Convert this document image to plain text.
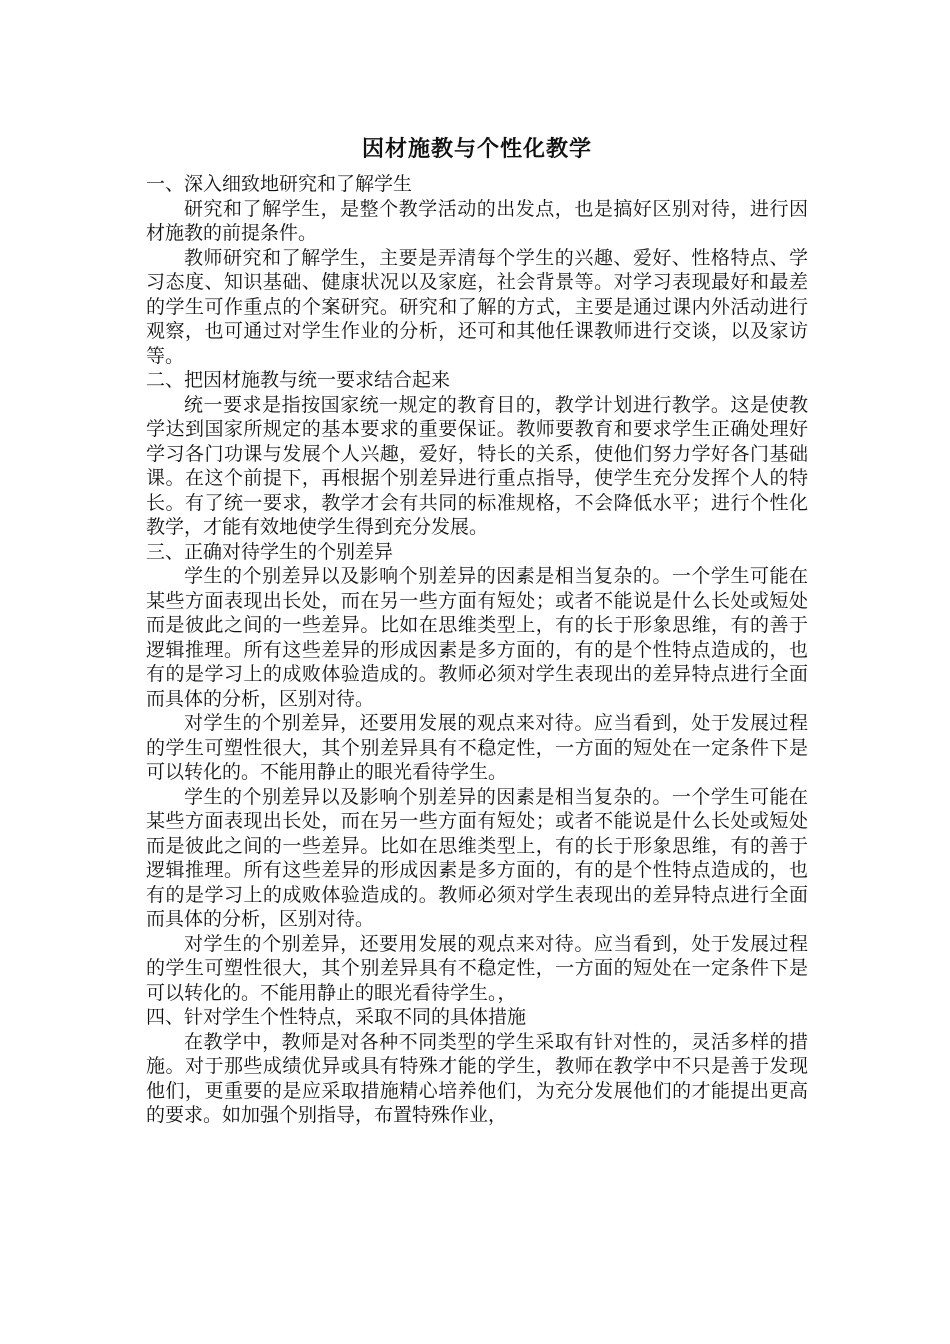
因材施教与个性化教学
一、深入细致地研究和了解学生

研究和了解学生，是整个教学活动的出发点，也是搞好区别对待，进行因材施教的前提条件。

教师研究和了解学生，主要是弄清每个学生的兴趣、爱好、性格特点、学习态度、知识基础、健康状况以及家庭，社会背景等。对学习表现最好和最差的学生可作重点的个案研究。研究和了解的方式，主要是通过课内外活动进行观察，也可通过对学生作业的分析，还可和其他任课教师进行交谈，以及家访等。

二、把因材施教与统一要求结合起来

统一要求是指按国家统一规定的教育目的，教学计划进行教学。这是使教学达到国家所规定的基本要求的重要保证。教师要教育和要求学生正确处理好学习各门功课与发展个人兴趣，爱好，特长的关系，使他们努力学好各门基础课。在这个前提下，再根据个别差异进行重点指导，使学生充分发挥个人的特长。有了统一要求，教学才会有共同的标准规格，不会降低水平；进行个性化教学，才能有效地使学生得到充分发展。

三、正确对待学生的个别差异

学生的个别差异以及影响个别差异的因素是相当复杂的。一个学生可能在某些方面表现出长处，而在另一些方面有短处；或者不能说是什么长处或短处而是彼此之间的一些差异。比如在思维类型上，有的长于形象思维，有的善于逻辑推理。所有这些差异的形成因素是多方面的，有的是个性特点造成的，也有的是学习上的成败体验造成的。教师必须对学生表现出的差异特点进行全面而具体的分析，区别对待。

对学生的个别差异，还要用发展的观点来对待。应当看到，处于发展过程的学生可塑性很大，其个别差异具有不稳定性，一方面的短处在一定条件下是可以转化的。不能用静止的眼光看待学生。

学生的个别差异以及影响个别差异的因素是相当复杂的。一个学生可能在某些方面表现出长处，而在另一些方面有短处；或者不能说是什么长处或短处而是彼此之间的一些差异。比如在思维类型上，有的长于形象思维，有的善于逻辑推理。所有这些差异的形成因素是多方面的，有的是个性特点造成的，也有的是学习上的成败体验造成的。教师必须对学生表现出的差异特点进行全面而具体的分析，区别对待。

对学生的个别差异，还要用发展的观点来对待。应当看到，处于发展过程的学生可塑性很大，其个别差异具有不稳定性，一方面的短处在一定条件下是可以转化的。不能用静止的眼光看待学生。，

四、针对学生个性特点，采取不同的具体措施

在教学中，教师是对各种不同类型的学生采取有针对性的，灵活多样的措施。对于那些成绩优异或具有特殊才能的学生，教师在教学中不只是善于发现他们，更重要的是应采取措施精心培养他们，为充分发展他们的才能提出更高的要求。如加强个别指导，布置特殊作业，
